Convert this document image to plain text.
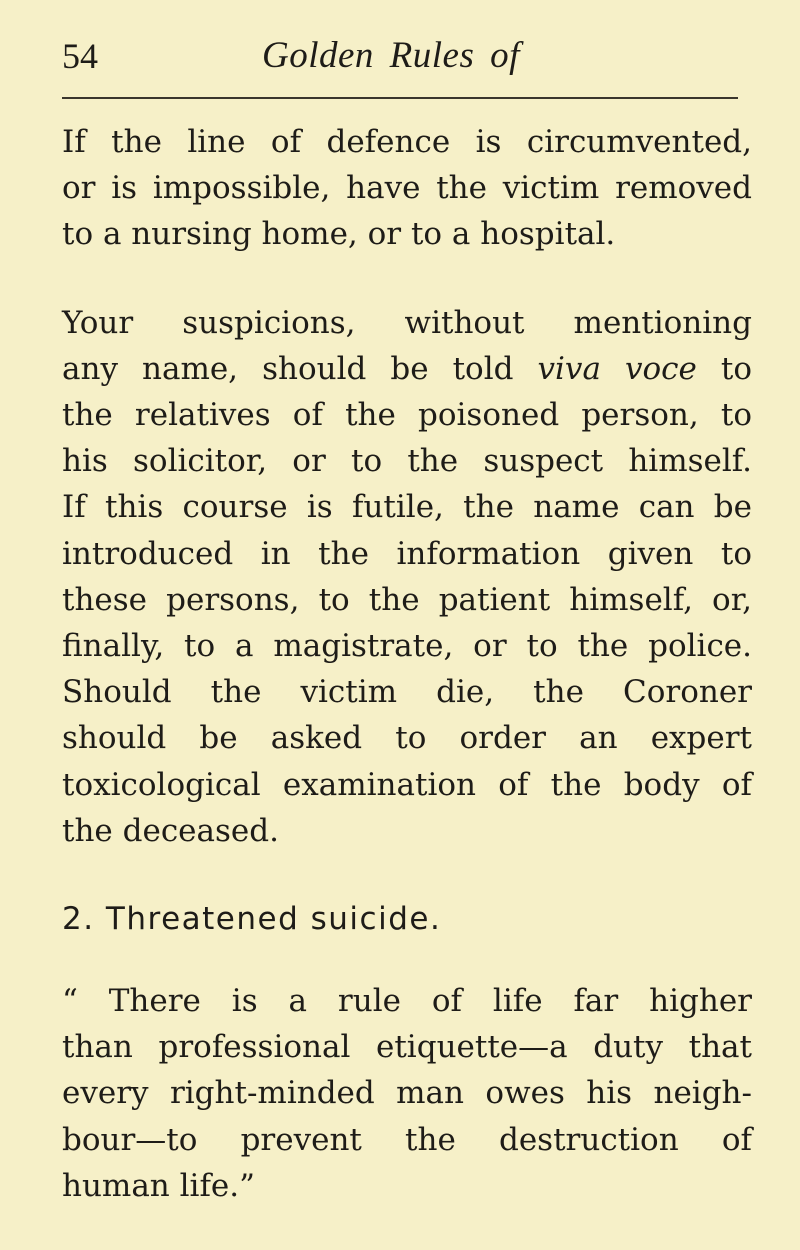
54	Golden Rules of
If the line of defence is circumvented,
or is impossible, have the victim removed
to a nursing home, or to a hospital.
Your suspicions, without mentioning
any name, should be told viva voce to
the relatives of the poisoned person, to
his solicitor, or to the suspect himself.
If this course is futile, the name can be
introduced in the information given to
these persons, to the patient himself, or,
finally, to a magistrate, or to the police.
Should the victim die, the Coroner
should be asked to order an expert
toxicological examination of the body of
the deceased.
2. Threatened suicide.
“ There is a rule of life far higher
than professional etiquette—a duty that
every right-minded man owes his neigh-
bour—to prevent the destruction of
human life.”
